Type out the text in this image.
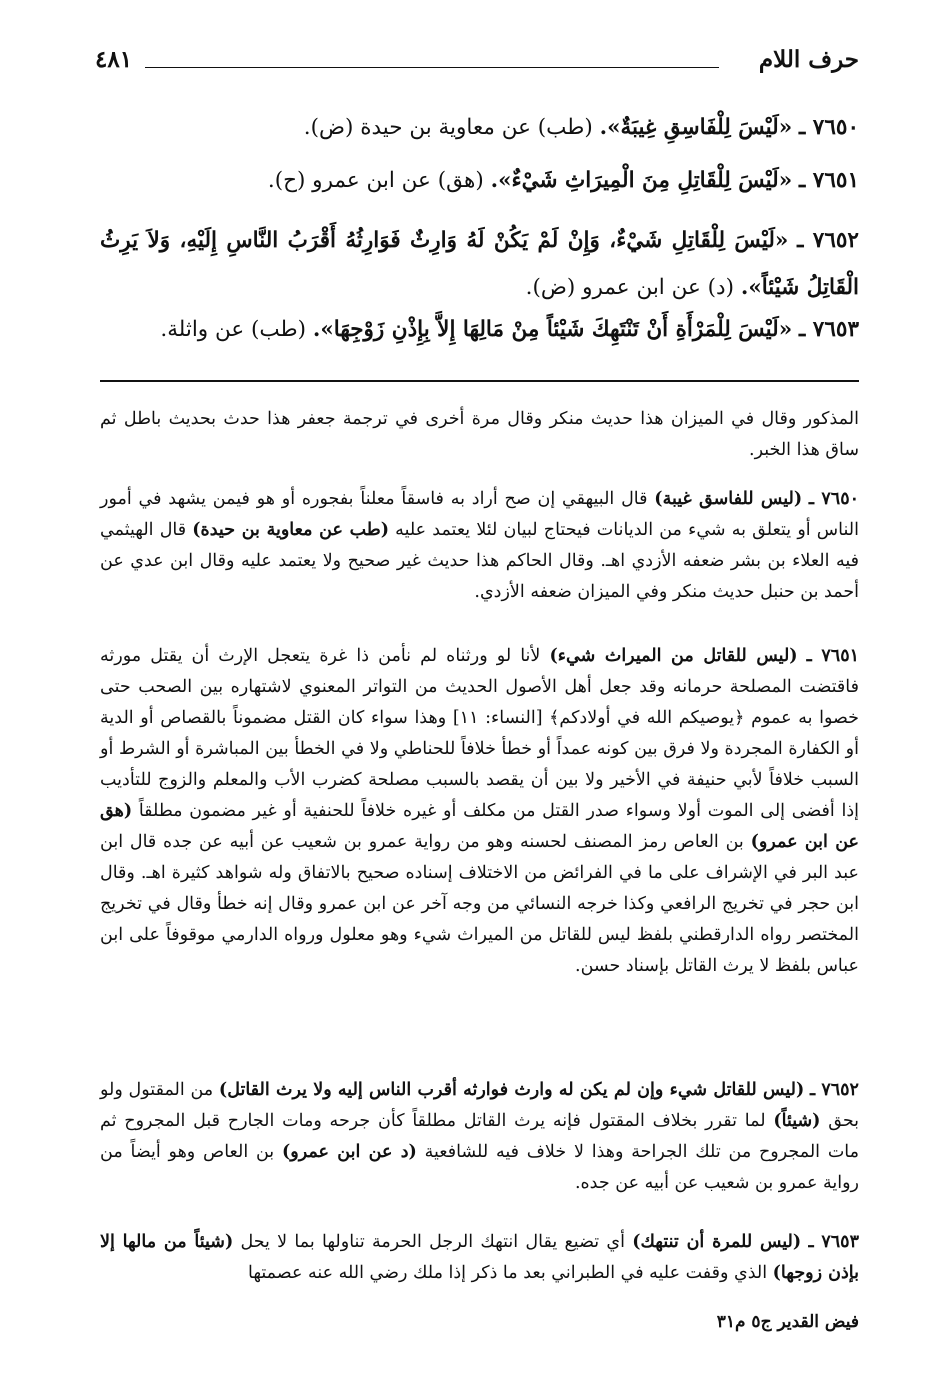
حرف اللام
٤٨١
٧٦٥٠ ـ «لَيْسَ لِلْفَاسِقِ غِيبَةٌ». (طب) عن معاوية بن حيدة (ض).
٧٦٥١ ـ «لَيْسَ لِلْقَاتِلِ مِنَ الْمِيرَاثِ شَيْءٌ». (هق) عن ابن عمرو (ح).
٧٦٥٢ ـ «لَيْسَ لِلْقَاتِلِ شَيْءٌ، وَإِنْ لَمْ يَكُنْ لَهُ وَارِثٌ فَوَارِثُهُ أَقْرَبُ النَّاسِ إِلَيْهِ، وَلاَ يَرِثُ الْقَاتِلُ شَيْئاً». (د) عن ابن عمرو (ض).
٧٦٥٣ ـ «لَيْسَ لِلْمَرْأَةِ أَنْ تَنْتَهِكَ شَيْئاً مِنْ مَالِهَا إِلاَّ بِإِذْنِ زَوْجِهَا». (طب) عن واثلة.
المذكور وقال في الميزان هذا حديث منكر وقال مرة أخرى في ترجمة جعفر هذا حدث بحديث باطل ثم ساق هذا الخبر.
٧٦٥٠ ـ (ليس للفاسق غيبة) قال البيهقي إن صح أراد به فاسقاً معلناً بفجوره أو هو فيمن يشهد في أمور الناس أو يتعلق به شيء من الديانات فيحتاج لبيان لئلا يعتمد عليه (طب عن معاوية بن حيدة) قال الهيثمي فيه العلاء بن بشر ضعفه الأزدي اهـ. وقال الحاكم هذا حديث غير صحيح ولا يعتمد عليه وقال ابن عدي عن أحمد بن حنبل حديث منكر وفي الميزان ضعفه الأزدي.
٧٦٥١ ـ (ليس للقاتل من الميراث شيء) لأنا لو ورثناه لم نأمن ذا غرة يتعجل الإرث أن يقتل مورثه فاقتضت المصلحة حرمانه وقد جعل أهل الأصول الحديث من التواتر المعنوي لاشتهاره بين الصحب حتى خصوا به عموم ﴿يوصيكم الله في أولادكم﴾ [النساء: ١١] وهذا سواء كان القتل مضموناً بالقصاص أو الدية أو الكفارة المجردة ولا فرق بين كونه عمداً أو خطأ خلافاً للحناطي ولا في الخطأ بين المباشرة أو الشرط أو السبب خلافاً لأبي حنيفة في الأخير ولا بين أن يقصد بالسبب مصلحة كضرب الأب والمعلم والزوج للتأديب إذا أفضى إلى الموت أولا وسواء صدر القتل من مكلف أو غيره خلافاً للحنفية أو غير مضمون مطلقاً (هق عن ابن عمرو) بن العاص رمز المصنف لحسنه وهو من رواية عمرو بن شعيب عن أبيه عن جده قال ابن عبد البر في الإشراف على ما في الفرائض من الاختلاف إسناده صحيح بالاتفاق وله شواهد كثيرة اهـ. وقال ابن حجر في تخريج الرافعي وكذا خرجه النسائي من وجه آخر عن ابن عمرو وقال إنه خطأ وقال في تخريج المختصر رواه الدارقطني بلفظ ليس للقاتل من الميراث شيء وهو معلول ورواه الدارمي موقوفاً على ابن عباس بلفظ لا يرث القاتل بإسناد حسن.
٧٦٥٢ ـ (ليس للقاتل شيء وإن لم يكن له وارث فوارثه أقرب الناس إليه ولا يرث القاتل) من المقتول ولو بحق (شيئاً) لما تقرر بخلاف المقتول فإنه يرث القاتل مطلقاً كأن جرحه ومات الجارح قبل المجروح ثم مات المجروح من تلك الجراحة وهذا لا خلاف فيه للشافعية (د عن ابن عمرو) بن العاص وهو أيضاً من رواية عمرو بن شعيب عن أبيه عن جده.
٧٦٥٣ ـ (ليس للمرة أن تنتهك) أي تضيع يقال انتهك الرجل الحرمة تناولها بما لا يحل (شيئاً من مالها إلا بإذن زوجها) الذي وقفت عليه في الطبراني بعد ما ذكر إذا ملك رضي الله عنه عصمتها
فيض القدير ج٥ م٣١
